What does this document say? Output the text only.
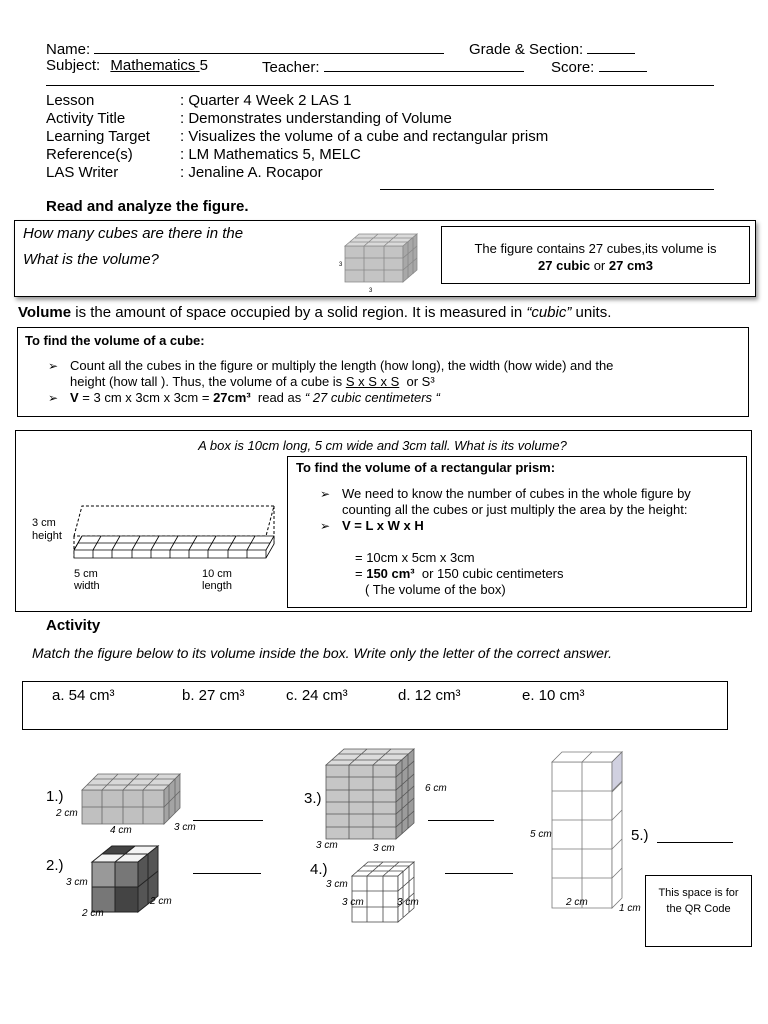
Name:	Grade & Section:
Subject: Mathematics 5	Teacher:	Score:
Lesson	: Quarter 4 Week 2 LAS 1
Activity Title	: Demonstrates understanding of Volume
Learning Target : Visualizes the volume of a cube and rectangular prism
Reference(s)	: LM Mathematics 5, MELC
LAS Writer	: Jenaline A. Rocapor
Read and analyze the figure.
How many cubes are there in the
What is the volume?	3
3
The figure contains 27 cubes,its volume is
27 cubic or 27 cm3
Volume is the amount of space occupied by a solid region. It is measured in “cubic” units.
To find the volume of a cube:
➢ Count all the cubes in the figure or multiply the length (how long), the width (how wide) and the
height (how tall ). Thus, the volume of a cube is S x S x S or S³
➢ V = 3 cm x 3cm x 3cm = 27cm³ read as “ 27 cubic centimeters “
A box is 10cm long, 5 cm wide and 3cm tall. What is its volume?
To find the volume of a rectangular prism:
➢ We need to know the number of cubes in the whole figure by counting all the cubes or just multiply the area by the height:
➢ V = L x W x H
= 10cm x 5cm x 3cm
= 150 cm³ or 150 cubic centimeters
( The volume of the box)
3 cm
height
5 cm
width
10 cm
length
Activity
Match the figure below to its volume inside the box. Write only the letter of the correct answer.
a. 54 cm³	b. 27 cm³	c. 24 cm³	d. 12 cm³	e. 10 cm³
1.)
2 cm
4 cm	3 cm
2.)
3 cm
2 cm
2 cm
3.)
6 cm
3 cm	3 cm
4.)
3 cm
3 cm	3 cm
5 cm
2 cm
1 cm
5.)
This space is for
the QR Code
